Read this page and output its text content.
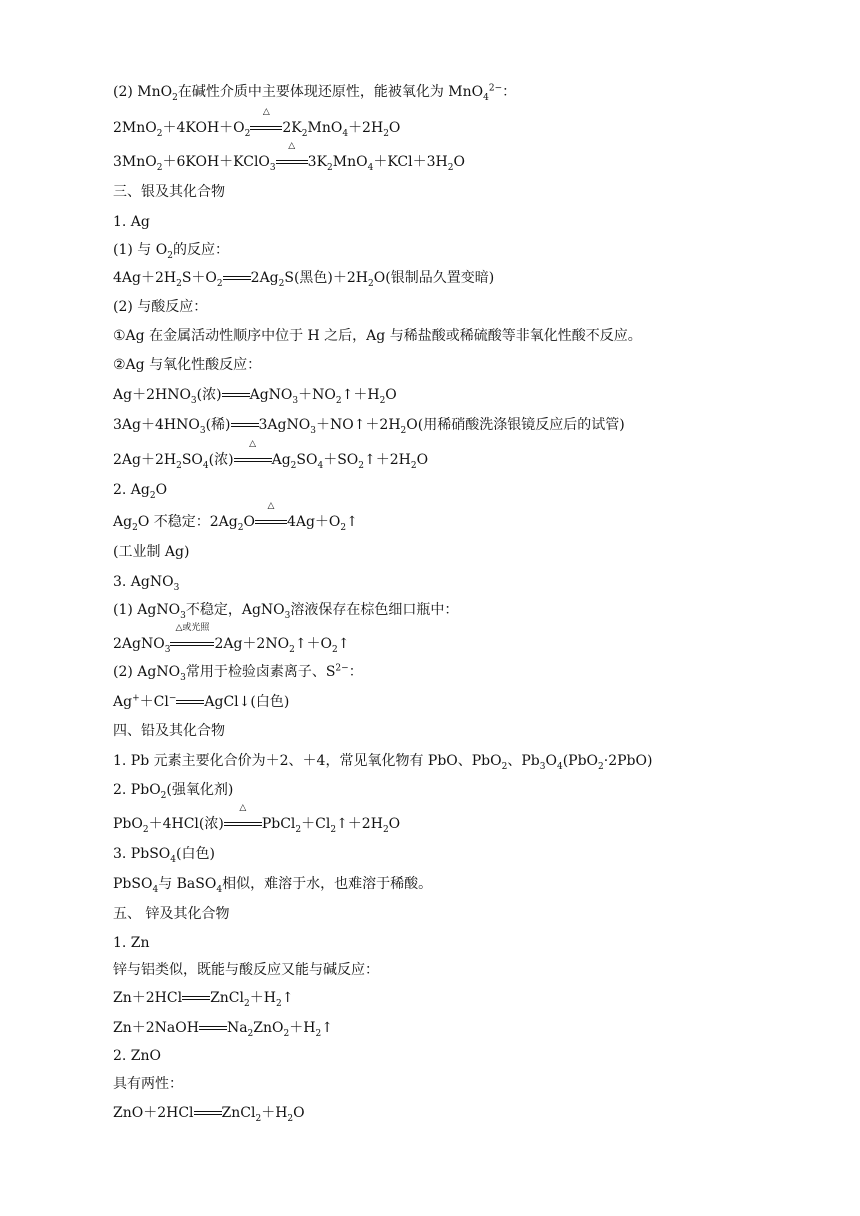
(2) MnO$_2$在碱性介质中主要体现还原性，能被氧化为 MnO$_4^{2-}$：
$2MnO_2+4KOH+O_2$
△
$2K_2MnO_4+2H_2O$
3MnO$_2$＋6KOH＋KClO$_3$
△
$3K_2MnO_4+KCl+3H_2O$
三、银及其化合物
1. Ag
(1) 与 $O_2$的反应：
$4Ag+2H_2S+O_2$ $2Ag_2S$(黑色)$+2H_2O$(银制品久置变暗)
(2) 与酸反应：
①Ag 在金属活动性顺序中位于 H 之后，Ag 与稀盐酸或稀硫酸等非氧化性酸不反应。
②Ag 与氧化性酸反应：
$Ag+2HNO_3$(浓) $AgNO_3+NO_2↑+H_2O$
$3Ag+4HNO_3$(稀) $3AgNO_3+NO↑+2H_2O$(用稀硝酸洗涤银镜反应后的试管)
$2Ag+2H_2SO_4$(浓)
△
$Ag_2SO_4+SO_2↑+2H_2O$
2. $Ag_2O$
$Ag_2O$ 不稳定：$2Ag_2O$
△
$4Ag+O_2↑$
(工业制 Ag)
3. AgNO$_3$
(1) AgNO$_3$不稳定，AgNO$_3$溶液保存在棕色细口瓶中：
2AgNO$_3$
△或光照
$2Ag+2NO_2↑+O_2↑$
(2) AgNO$_3$常用于检验卤素离子、$S^{2-}$：
Ag+＋Cl− AgCl↓(白色)
四、铅及其化合物
1. Pb 元素主要化合价为＋2、＋4，常见氧化物有 PbO、PbO$_2$、$Pb_3O_4(PbO_2\cdot 2PbO)$
2. PbO$_2$(强氧化剂)
PbO$_2$＋4HCl(浓)
△
$PbCl_2+Cl_2↑+2H_2O$
3. PbSO$_4$(白色)
PbSO$_4$与 BaSO$_4$相似，难溶于水，也难溶于稀酸。
五、 锌及其化合物
1. Zn
锌与铝类似，既能与酸反应又能与碱反应：
Zn＋2HCl $ZnCl_2+H_2↑$
Zn＋2NaOH $Na_2ZnO_2+H_2↑$
2. ZnO
具有两性：
ZnO＋2HCl $ZnCl_2+H_2O$
